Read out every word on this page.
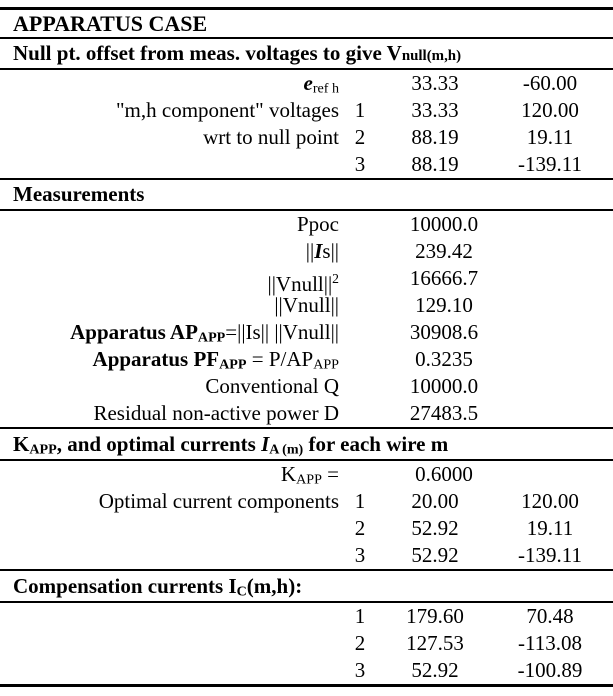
APPARATUS CASE
Null pt. offset from meas. voltages to give Vnull(m,h)
eref h	33.33	-60.00
"m,h component" voltages 1	33.33	120.00
wrt to null point 2	88.19	19.11
3	88.19	-139.11
Measurements
Ppoc	10000.0
||Is||	239.42
$||Vnull||^2$	16666.7
||Vnull||	129.10
Apparatus APAPP=||Is|| ||Vnull||	30908.6
Apparatus PFAPP = P/APAPP	0.3235
Conventional Q	10000.0
Residual non-active power D	27483.5
KAPP, and optimal currents IA (m) for each wire m
KAPP =	0.6000
Optimal current components 1	20.00	120.00
2	52.92	19.11
3	52.92	-139.11
Compensation currents IC(m,h):
1	179.60	70.48
2	127.53	-113.08
3	52.92	-100.89
